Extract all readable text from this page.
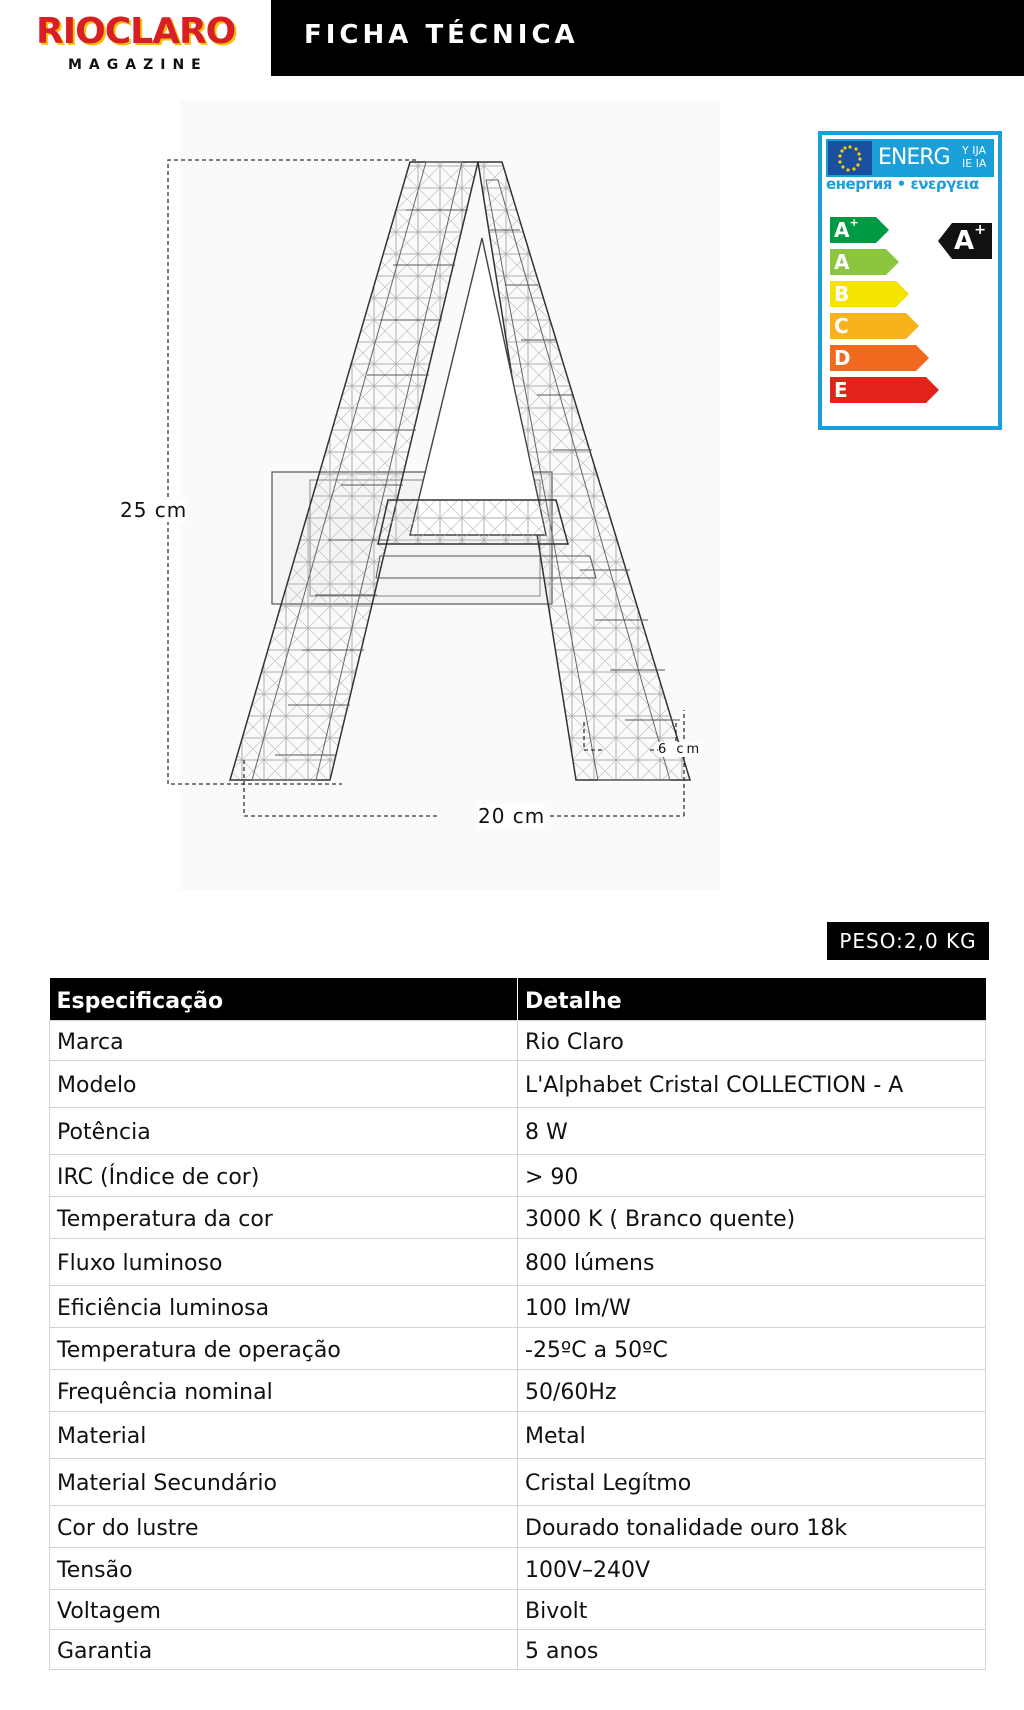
RIOCLARO
MAGAZINE
FICHA TÉCNICA
25 cm
20 cm
6 cm
ENERG Y IJA
IE IA
енергия • ενεργεια
A+
A
B
C
D
E
A+
PESO:2,0 KG
Especificação	Detalhe
Marca	Rio Claro
Modelo	L'Alphabet Cristal COLLECTION - A
Potência	8 W
IRC (Índice de cor)	> 90
Temperatura da cor	3000 K ( Branco quente)
Fluxo luminoso	800 lúmens
Eficiência luminosa	100 lm/W
Temperatura de operação	-25ºC a 50ºC
Frequência nominal	50/60Hz
Material	Metal
Material Secundário	Cristal Legítmo
Cor do lustre	Dourado tonalidade ouro 18k
Tensão	100V–240V
Voltagem	Bivolt
Garantia	5 anos
